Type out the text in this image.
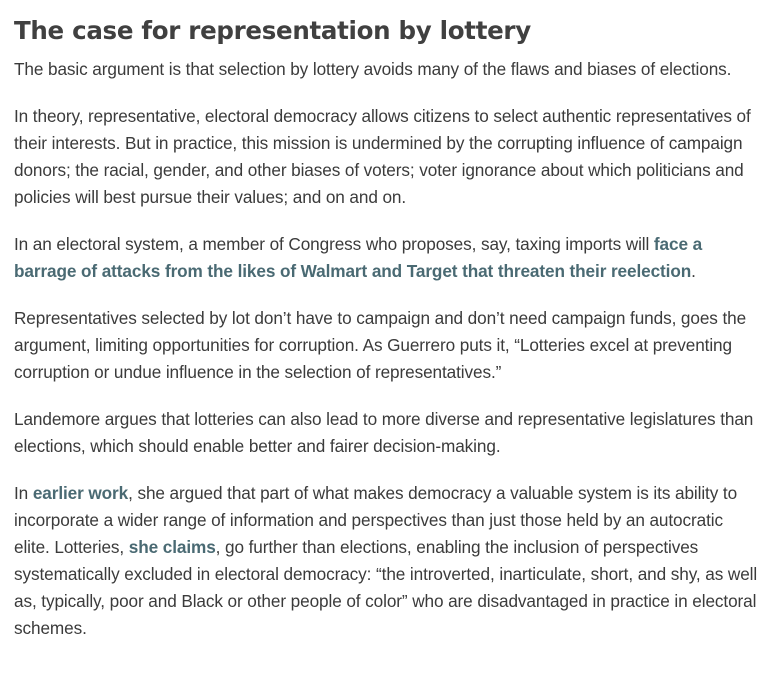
The case for representation by lottery

The basic argument is that selection by lottery avoids many of the flaws and biases of elections.

In theory, representative, electoral democracy allows citizens to select authentic representatives of their interests. But in practice, this mission is undermined by the corrupting influence of campaign donors; the racial, gender, and other biases of voters; voter ignorance about which politicians and policies will best pursue their values; and on and on.

In an electoral system, a member of Congress who proposes, say, taxing imports will face a barrage of attacks from the likes of Walmart and Target that threaten their reelection.

Representatives selected by lot don’t have to campaign and don’t need campaign funds, goes the argument, limiting opportunities for corruption. As Guerrero puts it, “Lotteries excel at preventing corruption or undue influence in the selection of representatives.”

Landemore argues that lotteries can also lead to more diverse and representative legislatures than elections, which should enable better and fairer decision-making.

In earlier work, she argued that part of what makes democracy a valuable system is its ability to incorporate a wider range of information and perspectives than just those held by an autocratic elite. Lotteries, she claims, go further than elections, enabling the inclusion of perspectives systematically excluded in electoral democracy: “the introverted, inarticulate, short, and shy, as well as, typically, poor and Black or other people of color” who are disadvantaged in practice in electoral schemes.
